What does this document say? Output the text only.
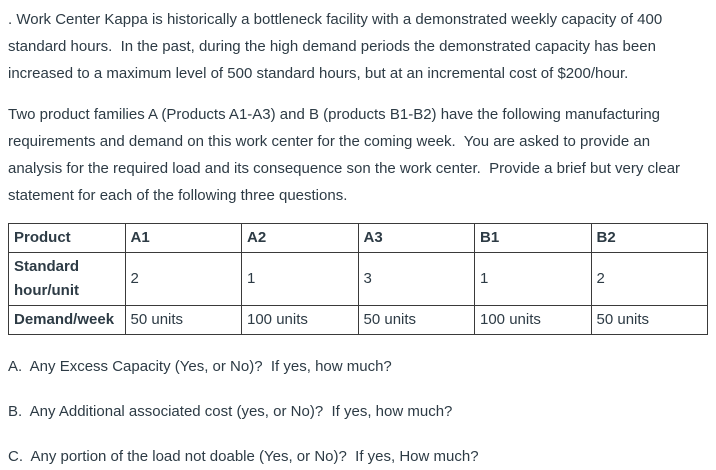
. Work Center Kappa is historically a bottleneck facility with a demonstrated weekly capacity of 400 standard hours.  In the past, during the high demand periods the demonstrated capacity has been increased to a maximum level of 500 standard hours, but at an incremental cost of $200/hour.

Two product families A (Products A1-A3) and B (products B1-B2) have the following manufacturing requirements and demand on this work center for the coming week.  You are asked to provide an analysis for the required load and its consequence son the work center.  Provide a brief but very clear statement for each of the following three questions.

Product	A1	A2	A3	B1	B2
Standard hour/unit	2	1	3	1	2
Demand/week	50 units	100 units	50 units	100 units	50 units

A.  Any Excess Capacity (Yes, or No)?  If yes, how much?

B.  Any Additional associated cost (yes, or No)?  If yes, how much?

C.  Any portion of the load not doable (Yes, or No)?  If yes, How much?
